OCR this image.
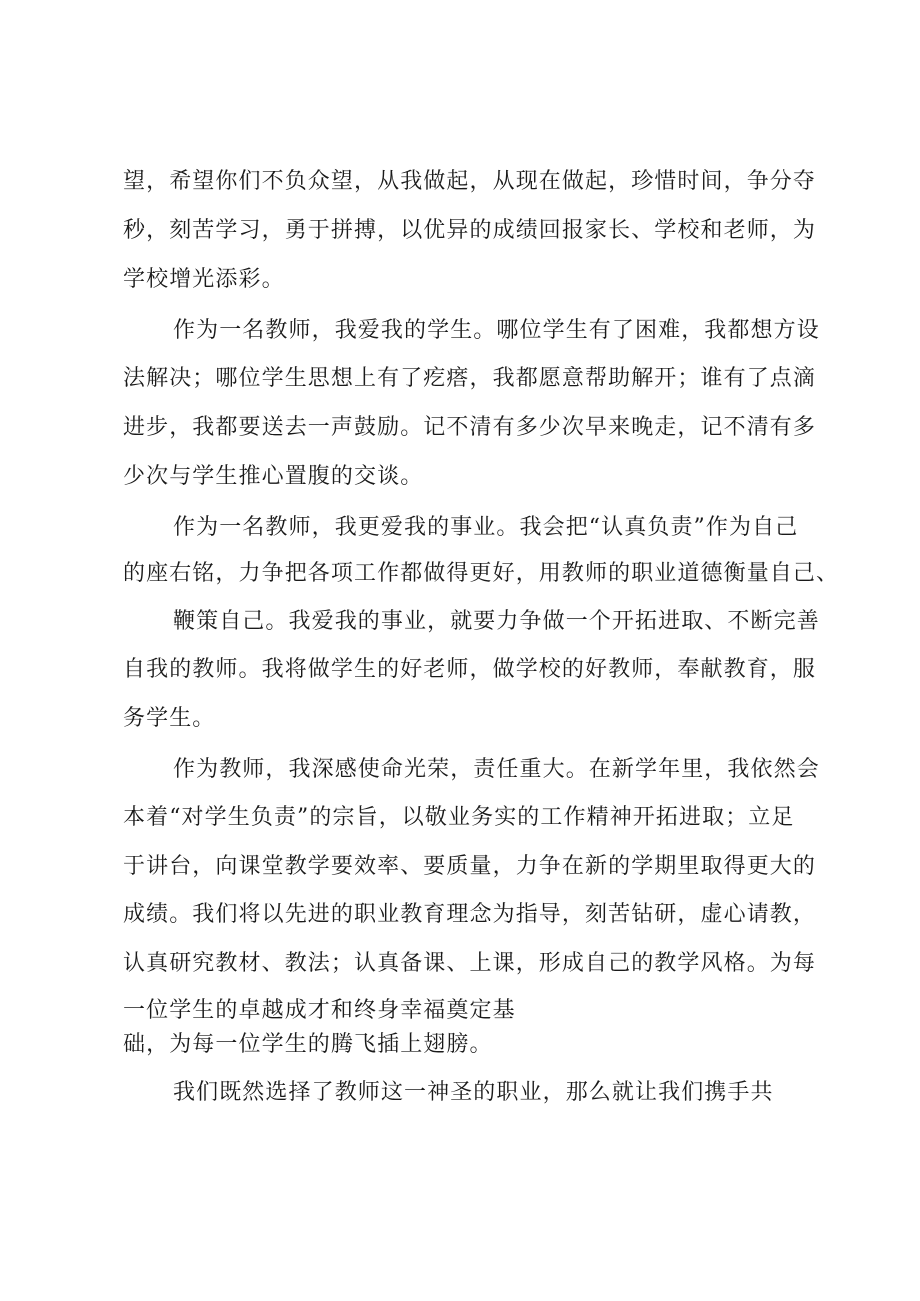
望，希望你们不负众望，从我做起，从现在做起，珍惜时间，争分夺

秒，刻苦学习，勇于拼搏，以优异的成绩回报家长、学校和老师，为

学校增光添彩。

作为一名教师，我爱我的学生。哪位学生有了困难，我都想方设

法解决；哪位学生思想上有了疙瘩，我都愿意帮助解开；谁有了点滴

进步，我都要送去一声鼓励。记不清有多少次早来晚走，记不清有多

少次与学生推心置腹的交谈。

作为一名教师，我更爱我的事业。我会把“认真负责”作为自己

的座右铭，力争把各项工作都做得更好，用教师的职业道德衡量自己、

鞭策自己。我爱我的事业，就要力争做一个开拓进取、不断完善

自我的教师。我将做学生的好老师，做学校的好教师，奉献教育，服

务学生。

作为教师，我深感使命光荣，责任重大。在新学年里，我依然会

本着“对学生负责”的宗旨，以敬业务实的工作精神开拓进取；立足

于讲台，向课堂教学要效率、要质量，力争在新的学期里取得更大的

成绩。我们将以先进的职业教育理念为指导，刻苦钻研，虚心请教，

认真研究教材、教法；认真备课、上课，形成自己的教学风格。为每

一位学生的卓越成才和终身幸福奠定基

础，为每一位学生的腾飞插上翅膀。

我们既然选择了教师这一神圣的职业，那么就让我们携手共
